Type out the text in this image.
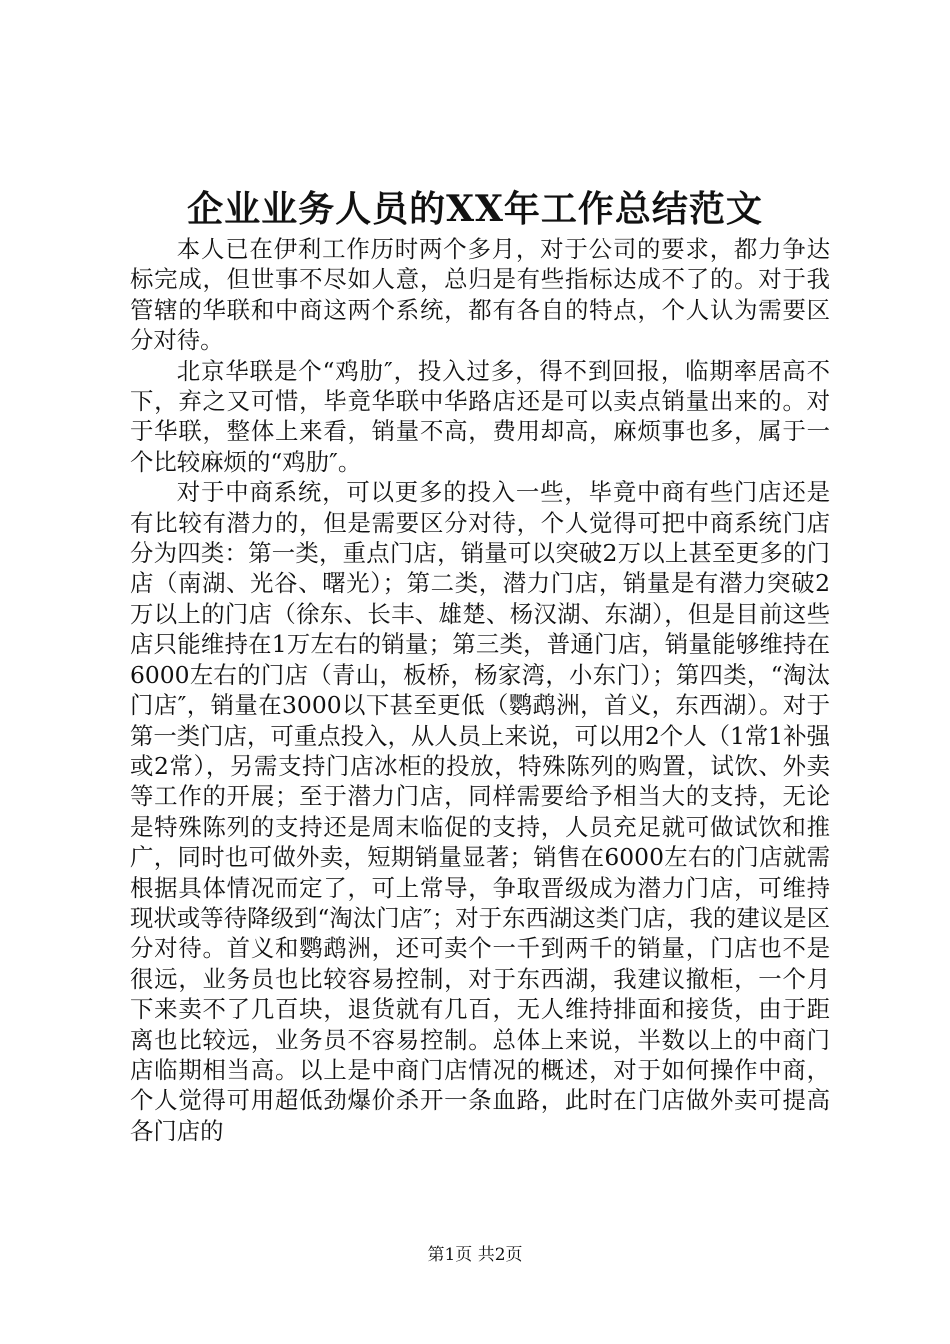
企业业务人员的XX年工作总结范文

本人已在伊利工作历时两个多月，对于公司的要求，都力争达标完成，但世事不尽如人意，总归是有些指标达成不了的。对于我管辖的华联和中商这两个系统，都有各自的特点，个人认为需要区分对待。

北京华联是个“鸡肋″，投入过多，得不到回报，临期率居高不下，弃之又可惜，毕竟华联中华路店还是可以卖点销量出来的。对于华联，整体上来看，销量不高，费用却高，麻烦事也多，属于一个比较麻烦的“鸡肋″。

对于中商系统，可以更多的投入一些，毕竟中商有些门店还是有比较有潜力的，但是需要区分对待，个人觉得可把中商系统门店分为四类：第一类，重点门店，销量可以突破2万以上甚至更多的门店（南湖、光谷、曙光）；第二类，潜力门店，销量是有潜力突破2万以上的门店（徐东、长丰、雄楚、杨汉湖、东湖），但是目前这些店只能维持在1万左右的销量；第三类，普通门店，销量能够维持在6000左右的门店（青山，板桥，杨家湾，小东门）；第四类，“淘汰门店″，销量在3000以下甚至更低（鹦鹉洲，首义，东西湖）。对于第一类门店，可重点投入，从人员上来说，可以用2个人（1常1补强或2常），另需支持门店冰柜的投放，特殊陈列的购置，试饮、外卖等工作的开展；至于潜力门店，同样需要给予相当大的支持，无论是特殊陈列的支持还是周末临促的支持，人员充足就可做试饮和推广，同时也可做外卖，短期销量显著；销售在6000左右的门店就需根据具体情况而定了，可上常导，争取晋级成为潜力门店，可维持现状或等待降级到“淘汰门店″；对于东西湖这类门店，我的建议是区分对待。首义和鹦鹉洲，还可卖个一千到两千的销量，门店也不是很远，业务员也比较容易控制，对于东西湖，我建议撤柜，一个月下来卖不了几百块，退货就有几百，无人维持排面和接货，由于距离也比较远，业务员不容易控制。总体上来说，半数以上的中商门店临期相当高。以上是中商门店情况的概述，对于如何操作中商，个人觉得可用超低劲爆价杀开一条血路，此时在门店做外卖可提高各门店的

第1页 共2页
